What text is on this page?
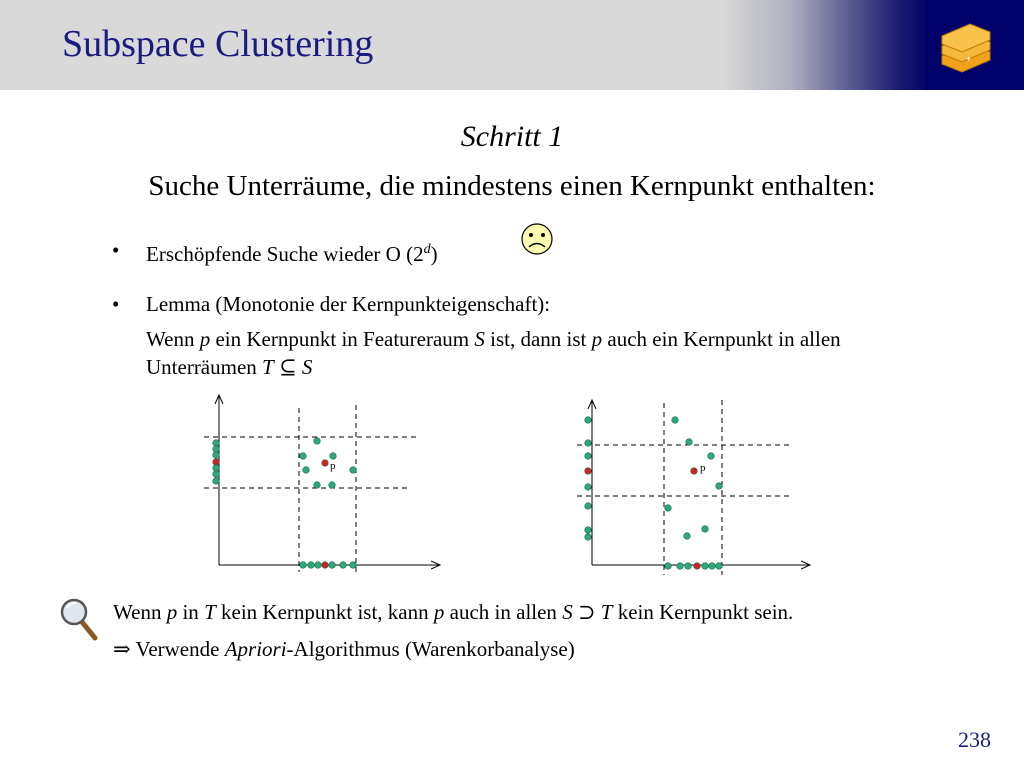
Subspace Clustering	+
Schritt 1
Suche Unterräume, die mindestens einen Kernpunkt enthalten:
• Erschöpfende Suche wieder O (2$^d$)
• Lemma (Monotonie der Kernpunkteigenschaft):
Wenn p ein Kernpunkt in Featureraum S ist, dann ist p auch ein Kernpunkt in allen Unterräumen T ⊆ S
p	p
Wenn p in T kein Kernpunkt ist, kann p auch in allen S ⊃ T kein Kernpunkt sein.
⇒ Verwende Apriori-Algorithmus (Warenkorbanalyse)
238
